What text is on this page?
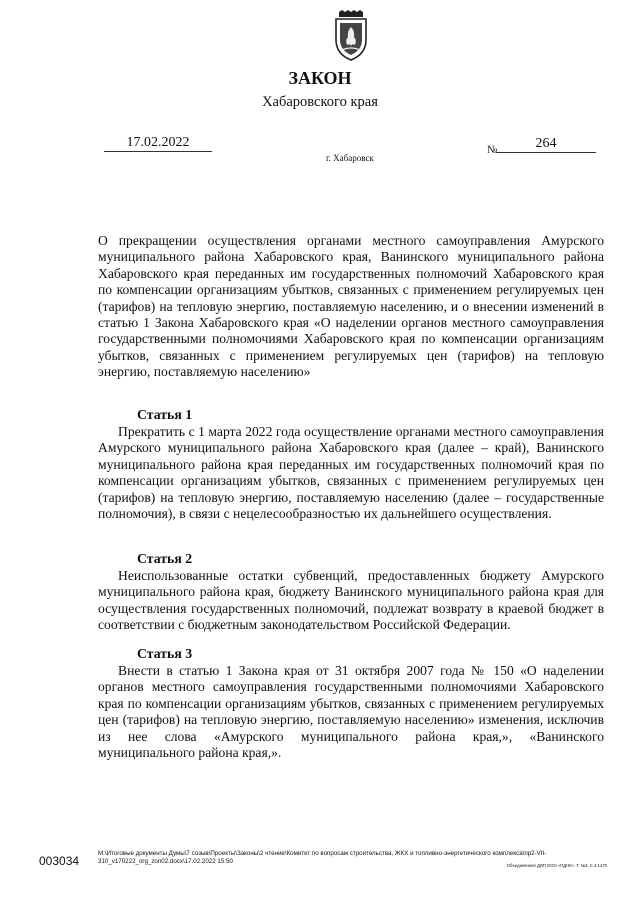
ЗАКОН
Хабаровского края
17.02.2022	№	264
г. Хабаровск
О прекращении осуществления органами местного самоуправления Амурского муниципального района Хабаровского края, Ванинского муниципального района Хабаровского края переданных им государственных полномочий Хабаровского края по компенсации организациям убытков, связанных с применением регулируемых цен (тарифов) на тепловую энергию, поставляемую населению, и о внесении изменений в статью 1 Закона Хабаровского края «О наделении органов местного самоуправления государственными полномочиями Хабаровского края по компенсации организациям убытков, связанных с применением регулируемых цен (тарифов) на тепловую энергию, поставляемую населению»
Статья 1
Прекратить с 1 марта 2022 года осуществление органами местного самоуправления Амурского муниципального района Хабаровского края (далее – край), Ванинского муниципального района края переданных им государственных полномочий края по компенсации организациям убытков, связанных с применением регулируемых цен (тарифов) на тепловую энергию, поставляемую населению (далее – государственные полномочия), в связи с нецелесообразностью их дальнейшего осуществления.
Статья 2
Неиспользованные остатки субвенций, предоставленных бюджету Амурского муниципального района края, бюджету Ванинского муниципального района края для осуществления государственных полномочий, подлежат возврату в краевой бюджет в соответствии с бюджетным законодательством Российской Федерации.
Статья 3
Внести в статью 1 Закона края от 31 октября 2007 года № 150 «О наделении органов местного самоуправления государственными полномочиями Хабаровского края по компенсации организациям убытков, связанных с применением регулируемых цен (тарифов) на тепловую энергию, поставляемую населению» изменения, исключив из нее слова «Амурского муниципального района края,», «Ванинского муниципального района края,».
003034
M:\Итоговые документы Думы\7 созыв\Проекты\Законы\2 чтение\Комитет по вопросам строительства, ЖКХ и топливно-энергетического комплекса\пр2-VII-310_v170222_org_zon02.docx\17.02.2022 15:50
Объединённая ДИП ООО «ПДНК». Т. №3. С.4-1470
